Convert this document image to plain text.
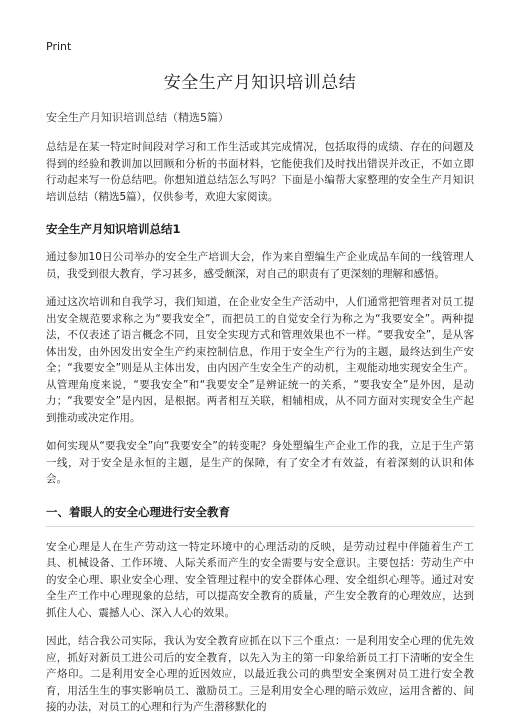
Print
安全生产月知识培训总结
安全生产月知识培训总结（精选5篇）

总结是在某一特定时间段对学习和工作生活或其完成情况，包括取得的成绩、存在的问题及得到的经验和教训加以回顾和分析的书面材料，它能使我们及时找出错误并改正，不如立即行动起来写一份总结吧。你想知道总结怎么写吗？下面是小编帮大家整理的安全生产月知识培训总结（精选5篇），仅供参考，欢迎大家阅读。

安全生产月知识培训总结1

通过参加10日公司举办的安全生产培训大会，作为来自塑编生产企业成品车间的一线管理人员，我受到很大教育，学习甚多，感受颇深，对自己的职责有了更深刻的理解和感悟。

通过这次培训和自我学习，我们知道，在企业安全生产活动中，人们通常把管理者对员工提出安全规范要求称之为“要我安全”，而把员工的自觉安全行为称之为“我要安全”。两种提法，不仅表述了语言概念不同，且安全实现方式和管理效果也不一样。“要我安全”，是从客体出发，由外因发出安全生产约束控制信息，作用于安全生产行为的主题，最终达到生产安全；“我要安全”则是从主体出发，由内因产生安全生产的动机，主观能动地实现安全生产。从管理角度来说，“要我安全”和“我要安全”是辨证统一的关系，“要我安全”是外因，是动力；“我要安全”是内因，是根据。两者相互关联，相辅相成，从不同方面对实现安全生产起到推动或决定作用。

如何实现从“要我安全”向“我要安全”的转变呢？身处塑编生产企业工作的我，立足于生产第一线，对于安全是永恒的主题，是生产的保障，有了安全才有效益，有着深刻的认识和体会。

一、着眼人的安全心理进行安全教育

安全心理是人在生产劳动这一特定环境中的心理活动的反映，是劳动过程中伴随着生产工具、机械设备、工作环境、人际关系而产生的安全需要与安全意识。主要包括：劳动生产中的安全心理、职业安全心理、安全管理过程中的安全群体心理、安全组织心理等。通过对安全生产工作中心理现象的总结，可以提高安全教育的质量，产生安全教育的心理效应，达到抓住人心、震撼人心、深入人心的效果。

因此，结合我公司实际，我认为安全教育应抓在以下三个重点：一是利用安全心理的优先效应，抓好对新员工进公司后的安全教育，以先入为主的第一印象给新员工打下清晰的安全生产烙印。二是利用安全心理的近因效应，以最近我公司的典型安全案例对员工进行安全教育，用活生生的事实影响员工、激励员工。三是利用安全心理的暗示效应，运用含蓄的、间接的办法，对员工的心理和行为产生潜移默化的
